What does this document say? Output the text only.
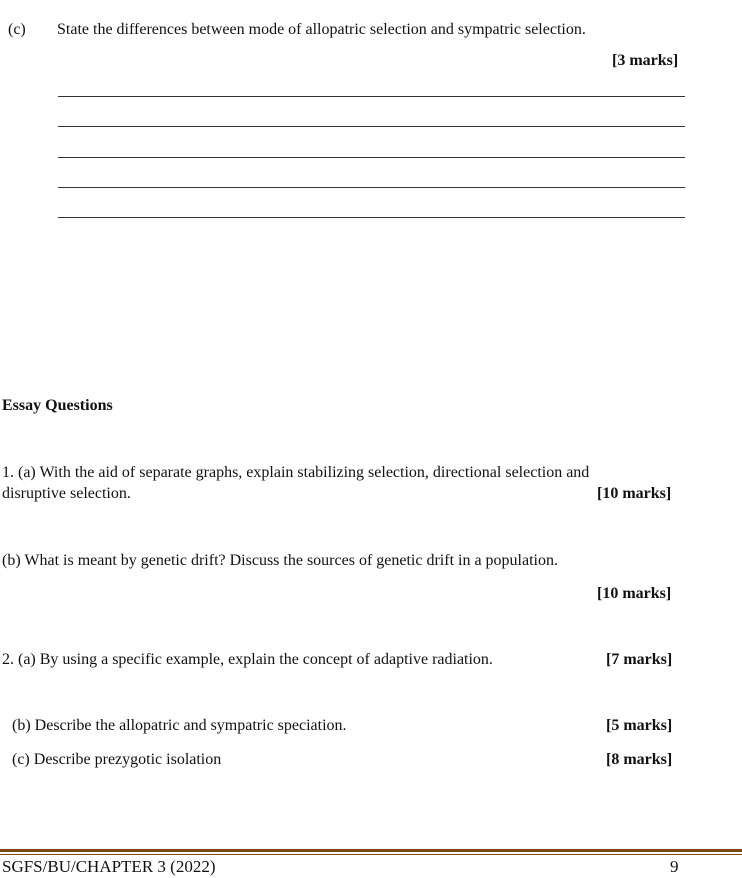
(c) State the differences between mode of allopatric selection and sympatric selection.
[3 marks]
Essay Questions
1. (a) With the aid of separate graphs, explain stabilizing selection, directional selection and
disruptive selection.	[10 marks]
(b) What is meant by genetic drift? Discuss the sources of genetic drift in a population.
[10 marks]
2. (a) By using a specific example, explain the concept of adaptive radiation.	[7 marks]
(b) Describe the allopatric and sympatric speciation.	[5 marks]
(c) Describe prezygotic isolation	[8 marks]
SGFS/BU/CHAPTER 3 (2022)	9
